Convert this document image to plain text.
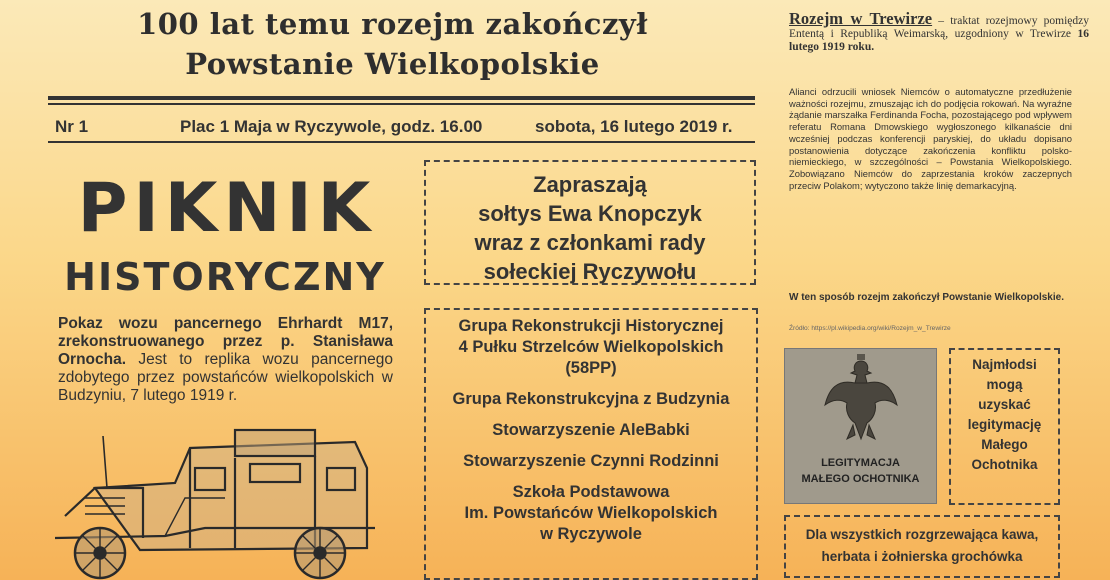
100 lat temu rozejm zakończył
Powstanie Wielkopolskie
Nr 1	Plac 1 Maja w Ryczywole, godz. 16.00	sobota, 16 lutego 2019 r.
PIKNIK
HISTORYCZNY
Pokaz wozu pancernego Ehrhardt M17, zrekonstruowanego przez p. Stanisława Ornocha. Jest to replika wozu pancernego zdobytego przez powstańców wielkopolskich w Budzyniu, 7 lutego 1919 r.
Zapraszają
sołtys Ewa Knopczyk
wraz z członkami rady
sołeckiej Ryczywołu
Grupa Rekonstrukcji Historycznej
4 Pułku Strzelców Wielkopolskich
(58PP)
Grupa Rekonstrukcyjna z Budzynia
Stowarzyszenie AleBabki
Stowarzyszenie Czynni Rodzinni
Szkoła Podstawowa
Im. Powstańców Wielkopolskich
w Ryczywole
Rozejm w Trewirze – traktat rozejmowy pomiędzy Ententą i Republiką Weimarską, uzgodniony w Trewirze 16 lutego 1919 roku.
Alianci odrzucili wniosek Niemców o automatyczne przedłużenie ważności rozejmu, zmuszając ich do podjęcia rokowań. Na wyraźne żądanie marszałka Ferdinanda Focha, pozostającego pod wpływem referatu Romana Dmowskiego wygłoszonego kilkanaście dni wcześniej podczas konferencji paryskiej, do układu dopisano postanowienia dotyczące zakończenia konfliktu polsko-niemieckiego, w szczególności – Powstania Wielkopolskiego. Zobowiązano Niemców do zaprzestania kroków zaczepnych przeciw Polakom; wytyczono także linię demarkacyjną.
W ten sposób rozejm zakończył Powstanie Wielkopolskie.
Źródło: https://pl.wikipedia.org/wiki/Rozejm_w_Trewirze
LEGITYMACJA
MAŁEGO OCHOTNIKA
Najmłodsi
mogą
uzyskać
legitymację
Małego
Ochotnika
Dla wszystkich rozgrzewająca kawa,
herbata i żołnierska grochówka
